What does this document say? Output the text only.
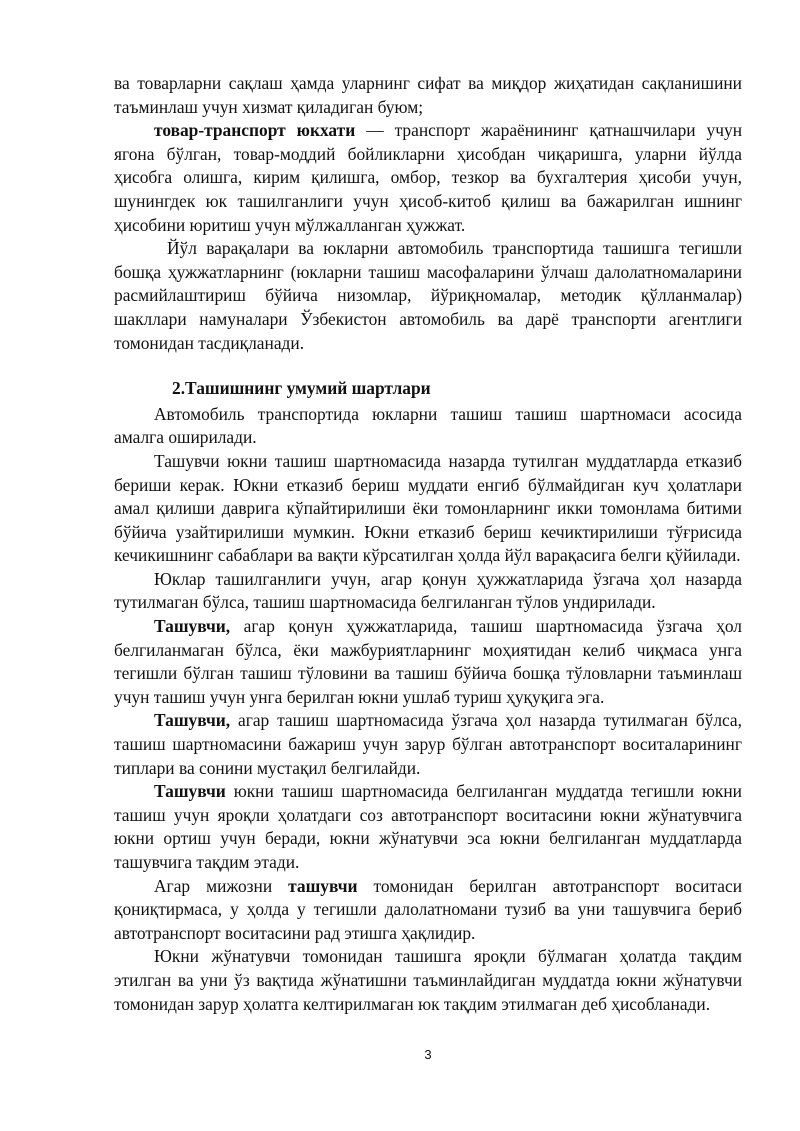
ва товарларни сақлаш ҳамда уларнинг сифат ва миқдор жиҳатидан сақланишини таъминлаш учун хизмат қиладиган буюм;

товар-транспорт юкхати — транспорт жараёнининг қатнашчилари учун ягона бўлган, товар-моддий бойликларни ҳисобдан чиқаришга, уларни йўлда ҳисобга олишга, кирим қилишга, омбор, тезкор ва бухгалтерия ҳисоби учун, шунингдек юк ташилганлиги учун ҳисоб-китоб қилиш ва бажарилган ишнинг ҳисобини юритиш учун мўлжалланган ҳужжат.

Йўл варақалари ва юкларни автомобиль транспортида ташишга тегишли бошқа ҳужжатларнинг (юкларни ташиш масофаларини ўлчаш далолатномаларини расмийлаштириш бўйича низомлар, йўриқномалар, методик қўлланмалар) шакллари намуналари Ўзбекистон автомобиль ва дарё транспорти агентлиги томонидан тасдиқланади.

2.Ташишнинг умумий шартлари

Автомобиль транспортида юкларни ташиш ташиш шартномаси асосида амалга оширилади.

Ташувчи юкни ташиш шартномасида назарда тутилган муддатларда етказиб бериши керак. Юкни етказиб бериш муддати енгиб бўлмайдиган куч ҳолатлари амал қилиши даврига кўпайтирилиши ёки томонларнинг икки томонлама битими бўйича узайтирилиши мумкин. Юкни етказиб бериш кечиктирилиши тўғрисида кечикишнинг сабаблари ва вақти кўрсатилган ҳолда йўл варақасига белги қўйилади.

Юклар ташилганлиги учун, агар қонун ҳужжатларида ўзгача ҳол назарда тутилмаган бўлса, ташиш шартномасида белгиланган тўлов ундирилади.

Ташувчи, агар қонун ҳужжатларида, ташиш шартномасида ўзгача ҳол белгиланмаган бўлса, ёки мажбуриятларнинг моҳиятидан келиб чиқмаса унга тегишли бўлган ташиш тўловини ва ташиш бўйича бошқа тўловларни таъминлаш учун ташиш учун унга берилган юкни ушлаб туриш ҳуқуқига эга.

Ташувчи, агар ташиш шартномасида ўзгача ҳол назарда тутилмаган бўлса, ташиш шартномасини бажариш учун зарур бўлган автотранспорт воситаларининг типлари ва сонини мустақил белгилайди.

Ташувчи юкни ташиш шартномасида белгиланган муддатда тегишли юкни ташиш учун яроқли ҳолатдаги соз автотранспорт воситасини юкни жўнатувчига юкни ортиш учун беради, юкни жўнатувчи эса юкни белгиланган муддатларда ташувчига тақдим этади.

Агар мижозни ташувчи томонидан берилган автотранспорт воситаси қониқтирмаса, у ҳолда у тегишли далолатномани тузиб ва уни ташувчига бериб автотранспорт воситасини рад этишга ҳақлидир.

Юкни жўнатувчи томонидан ташишга яроқли бўлмаган ҳолатда тақдим этилган ва уни ўз вақтида жўнатишни таъминлайдиган муддатда юкни жўнатувчи томонидан зарур ҳолатга келтирилмаган юк тақдим этилмаган деб ҳисобланади.

3
